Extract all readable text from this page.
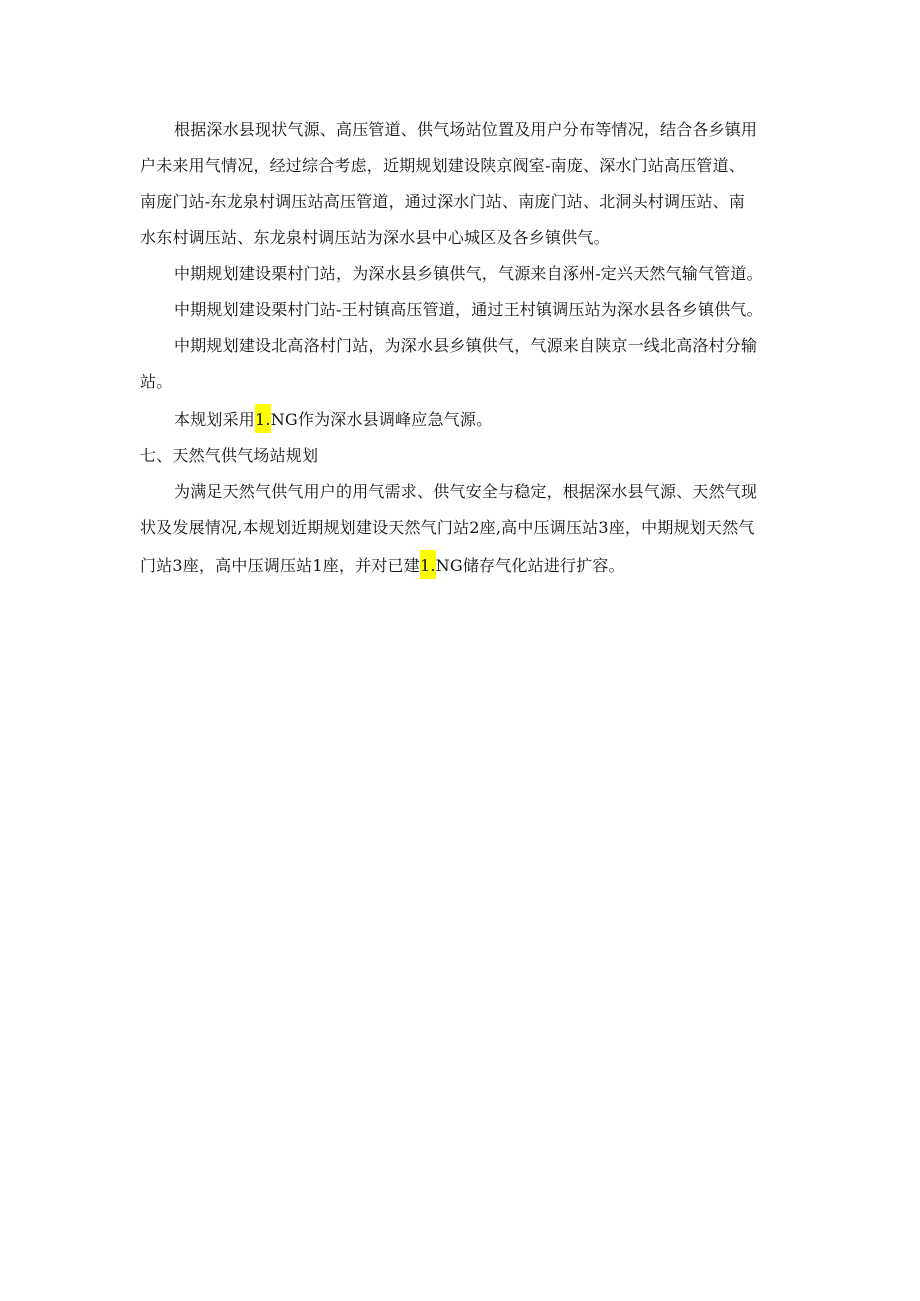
根据深水县现状气源、高压管道、供气场站位置及用户分布等情况，结合各乡镇用
户未来用气情况，经过综合考虑，近期规划建设陕京阀室-南庞、深水门站高压管道、
南庞门站-东龙泉村调压站高压管道，通过深水门站、南庞门站、北洞头村调压站、南
水东村调压站、东龙泉村调压站为深水县中心城区及各乡镇供气。
中期规划建设栗村门站，为深水县乡镇供气，气源来自涿州-定兴天然气输气管道。
中期规划建设栗村门站-王村镇高压管道，通过王村镇调压站为深水县各乡镇供气。
中期规划建设北高洛村门站，为深水县乡镇供气，气源来自陕京一线北高洛村分输
站。
本规划采用1.NG作为深水县调峰应急气源。
七、天然气供气场站规划
为满足天然气供气用户的用气需求、供气安全与稳定，根据深水县气源、天然气现
状及发展情况,本规划近期规划建设天然气门站2座,高中压调压站3座，中期规划天然气
门站3座，高中压调压站1座，并对已建1.NG储存气化站进行扩容。
